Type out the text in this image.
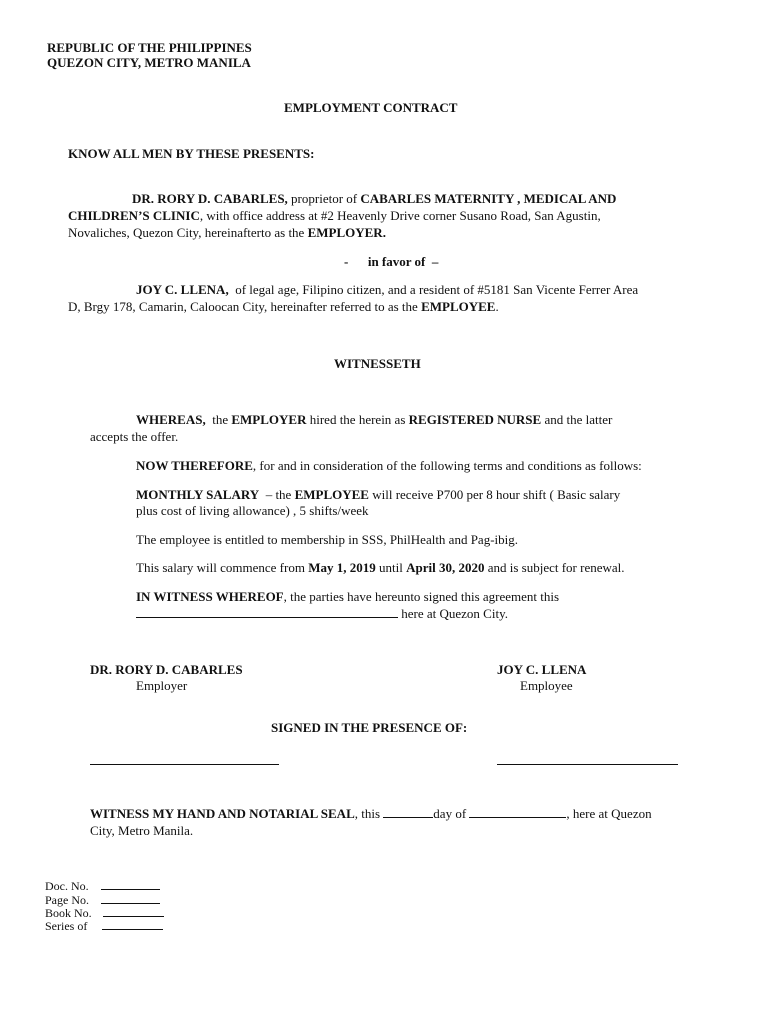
REPUBLIC OF THE PHILIPPINES
QUEZON CITY, METRO MANILA
EMPLOYMENT CONTRACT
KNOW ALL MEN BY THESE PRESENTS:
DR. RORY D. CABARLES, proprietor of CABARLES MATERNITY , MEDICAL AND
CHILDREN’S CLINIC, with office address at #2 Heavenly Drive corner Susano Road, San Agustin,
Novaliches, Quezon City, hereinafterto as the EMPLOYER.
-      in favor of  –
JOY C. LLENA,  of legal age, Filipino citizen, and a resident of #5181 San Vicente Ferrer Area
D, Brgy 178, Camarin, Caloocan City, hereinafter referred to as the EMPLOYEE.
WITNESSETH
WHEREAS,  the EMPLOYER hired the herein as REGISTERED NURSE and the latter
accepts the offer.
NOW THEREFORE, for and in consideration of the following terms and conditions as follows:
MONTHLY SALARY  – the EMPLOYEE will receive P700 per 8 hour shift ( Basic salary
plus cost of living allowance) , 5 shifts/week
The employee is entitled to membership in SSS, PhilHealth and Pag-ibig.
This salary will commence from May 1, 2019 until April 30, 2020 and is subject for renewal.
IN WITNESS WHEREOF, the parties have hereunto signed this agreement this
here at Quezon City.
DR. RORY D. CABARLES
Employer
JOY C. LLENA
Employee
SIGNED IN THE PRESENCE OF:
WITNESS MY HAND AND NOTARIAL SEAL, this	day of	, here at Quezon
City, Metro Manila.
Doc. No.
Page No.
Book No.
Series of
